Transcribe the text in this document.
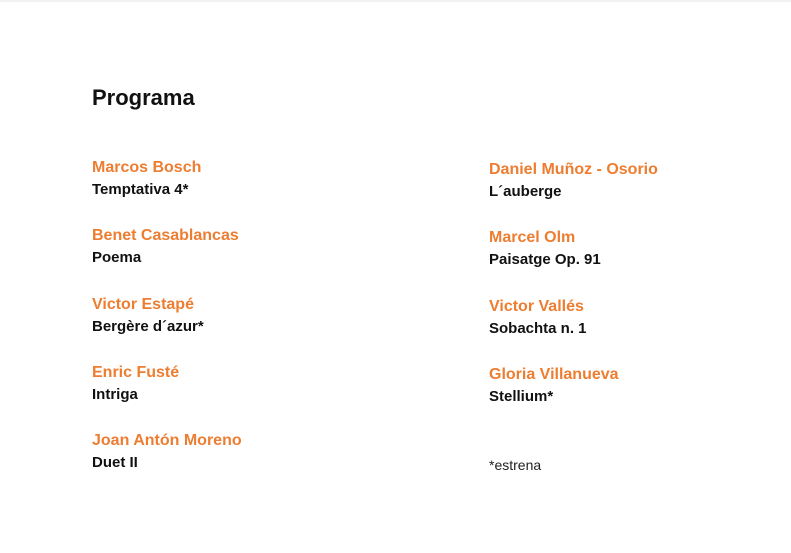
Programa
Marcos Bosch
Temptativa 4*
Benet Casablancas
Poema
Victor Estapé
Bergère d´azur*
Enric Fusté
Intriga
Joan Antón Moreno
Duet II
Daniel Muñoz - Osorio
L´auberge
Marcel Olm
Paisatge Op. 91
Victor Vallés
Sobachta n. 1
Gloria Villanueva
Stellium*
*estrena
